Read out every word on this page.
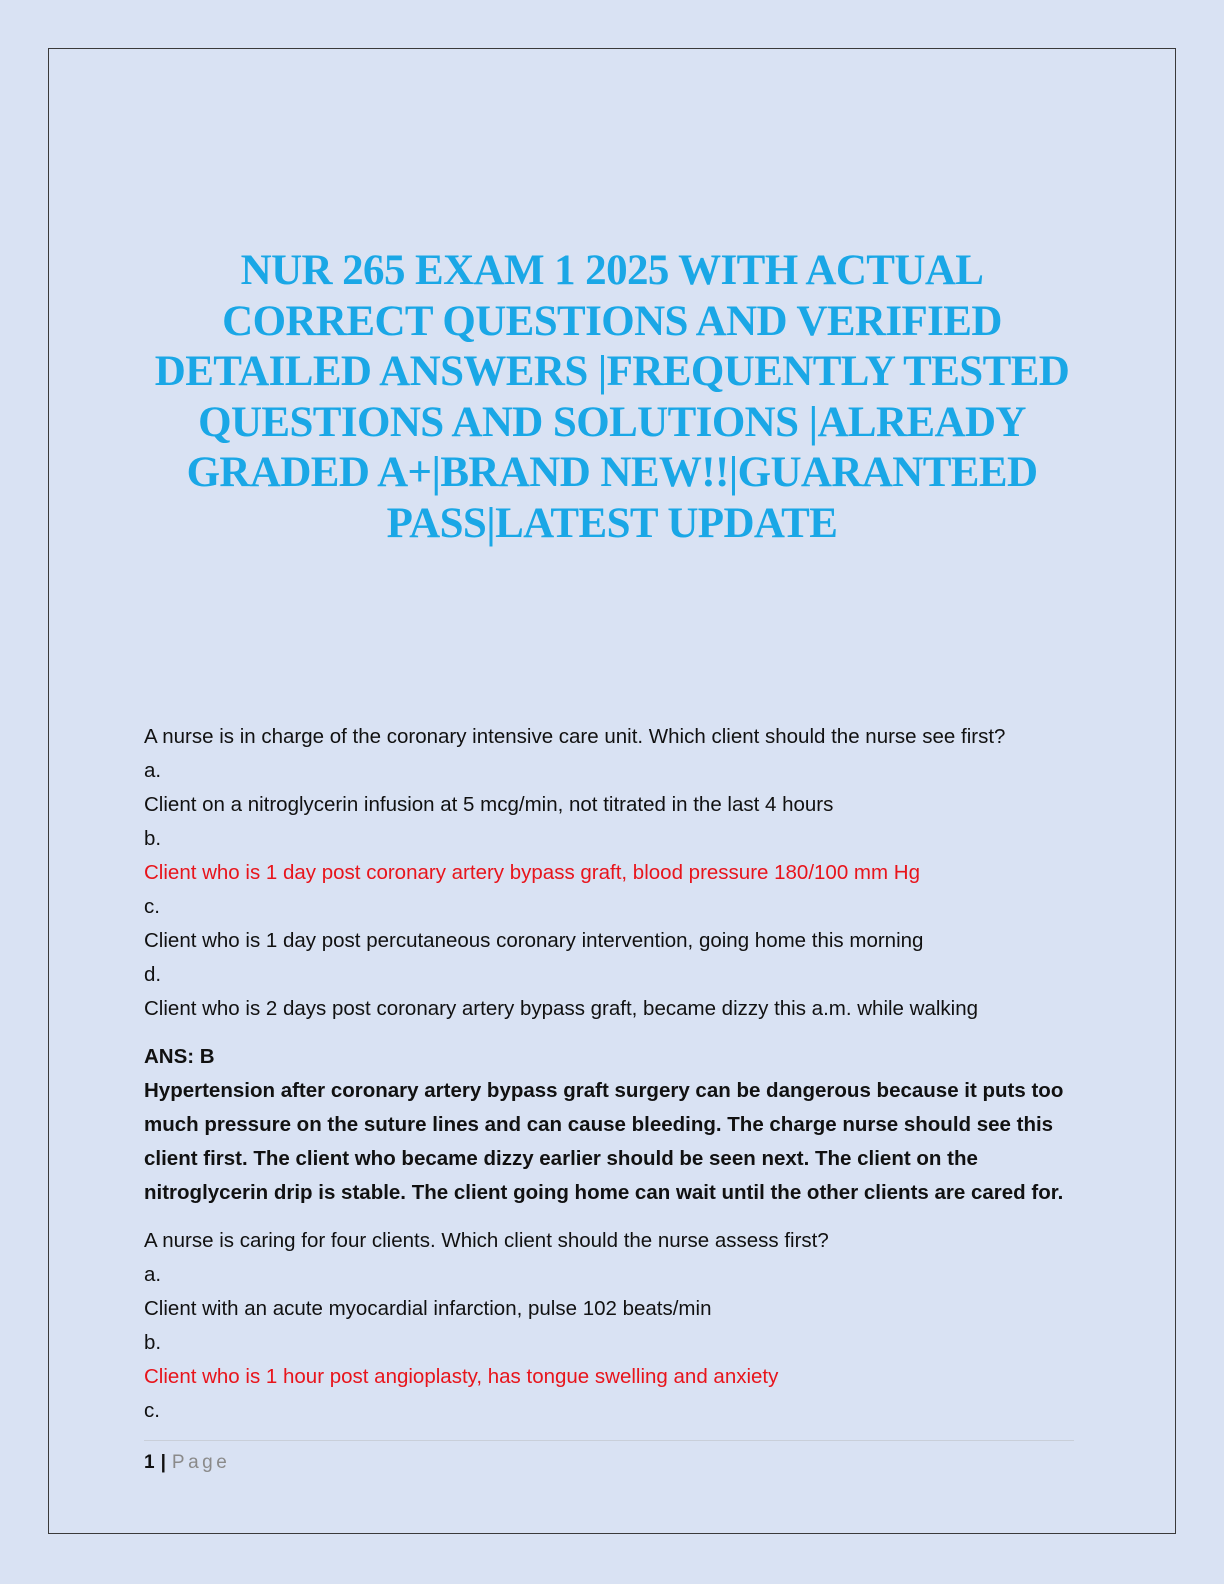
NUR 265 EXAM 1 2025 WITH ACTUAL
CORRECT QUESTIONS AND VERIFIED
DETAILED ANSWERS |FREQUENTLY TESTED
QUESTIONS AND SOLUTIONS |ALREADY
GRADED A+|BRAND NEW!!|GUARANTEED
PASS|LATEST UPDATE
A nurse is in charge of the coronary intensive care unit. Which client should the nurse see first?
a.
Client on a nitroglycerin infusion at 5 mcg/min, not titrated in the last 4 hours
b.
Client who is 1 day post coronary artery bypass graft, blood pressure 180/100 mm Hg
c.
Client who is 1 day post percutaneous coronary intervention, going home this morning
d.
Client who is 2 days post coronary artery bypass graft, became dizzy this a.m. while walking
ANS: B
Hypertension after coronary artery bypass graft surgery can be dangerous because it puts too
much pressure on the suture lines and can cause bleeding. The charge nurse should see this
client first. The client who became dizzy earlier should be seen next. The client on the
nitroglycerin drip is stable. The client going home can wait until the other clients are cared for.
A nurse is caring for four clients. Which client should the nurse assess first?
a.
Client with an acute myocardial infarction, pulse 102 beats/min
b.
Client who is 1 hour post angioplasty, has tongue swelling and anxiety
c.
1 | Page
